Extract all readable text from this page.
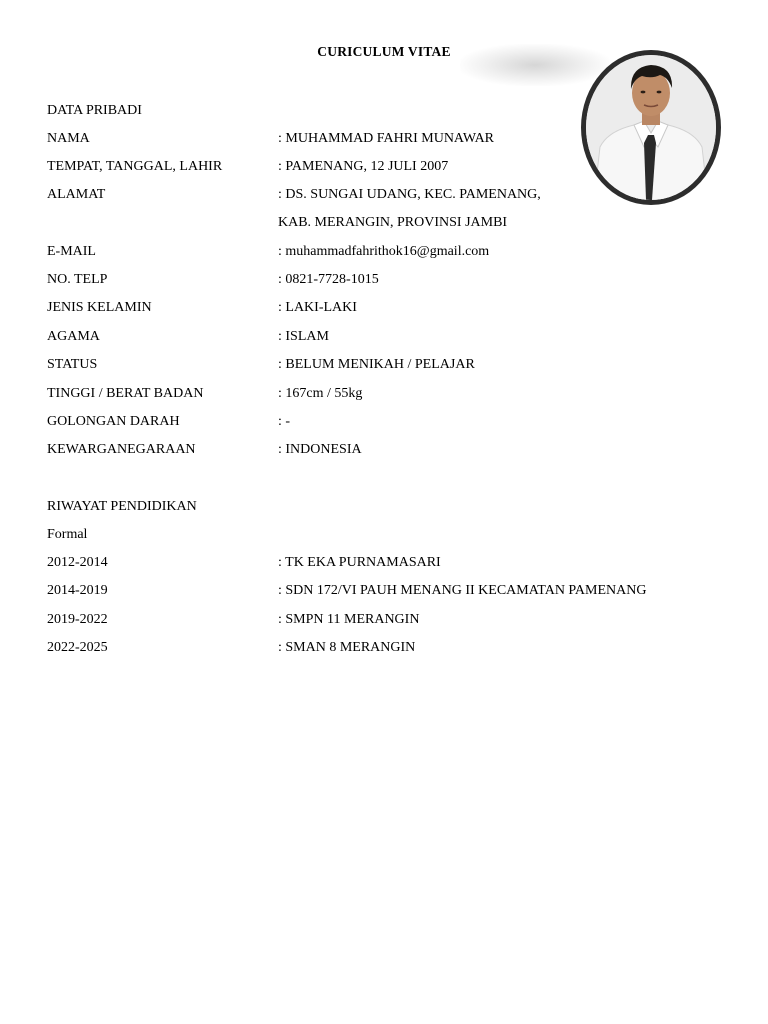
CURICULUM VITAE
DATA PRIBADI
NAMA	: MUHAMMAD FAHRI MUNAWAR
TEMPAT, TANGGAL, LAHIR	: PAMENANG, 12 JULI 2007
ALAMAT	: DS. SUNGAI UDANG, KEC. PAMENANG,
KAB. MERANGIN, PROVINSI JAMBI
E-MAIL	: muhammadfahrithok16@gmail.com
NO. TELP	: 0821-7728-1015
JENIS KELAMIN	: LAKI-LAKI
AGAMA	: ISLAM
STATUS	: BELUM MENIKAH / PELAJAR
TINGGI / BERAT BADAN	: 167cm / 55kg
GOLONGAN DARAH	: -
KEWARGANEGARAAN	: INDONESIA
RIWAYAT PENDIDIKAN
Formal
2012-2014	: TK EKA PURNAMASARI
2014-2019	: SDN 172/VI PAUH MENANG II KECAMATAN PAMENANG
2019-2022	: SMPN 11 MERANGIN
2022-2025	: SMAN 8 MERANGIN
